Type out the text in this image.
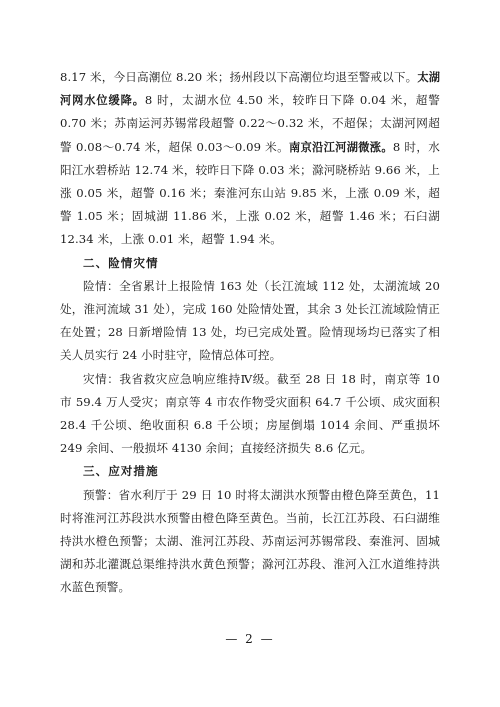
8.17 米，今日高潮位 8.20 米；扬州段以下高潮位均退至警戒以下。太湖河网水位缓降。8 时，太湖水位 4.50 米，较昨日下降 0.04 米，超警 0.70 米；苏南运河苏锡常段超警 0.22～0.32 米，不超保；太湖河网超警 0.08～0.74 米，超保 0.03～0.09 米。南京沿江河湖微涨。8 时，水阳江水碧桥站 12.74 米，较昨日下降 0.03 米；滁河晓桥站 9.66 米，上涨 0.05 米，超警 0.16 米；秦淮河东山站 9.85 米，上涨 0.09 米，超警 1.05 米；固城湖 11.86 米，上涨 0.02 米，超警 1.46 米；石臼湖 12.34 米，上涨 0.01 米，超警 1.94 米。

二、险情灾情

险情：全省累计上报险情 163 处（长江流域 112 处，太湖流域 20 处，淮河流域 31 处），完成 160 处险情处置，其余 3 处长江流域险情正在处置；28 日新增险情 13 处，均已完成处置。险情现场均已落实了相关人员实行 24 小时驻守，险情总体可控。

灾情：我省救灾应急响应维持Ⅳ级。截至 28 日 18 时，南京等 10 市 59.4 万人受灾；南京等 4 市农作物受灾面积 64.7 千公顷、成灾面积 28.4 千公顷、绝收面积 6.8 千公顷；房屋倒塌 1014 余间、严重损坏 249 余间、一般损坏 4130 余间；直接经济损失 8.6 亿元。

三、应对措施

预警：省水利厅于 29 日 10 时将太湖洪水预警由橙色降至黄色，11 时将淮河江苏段洪水预警由橙色降至黄色。当前，长江江苏段、石臼湖维持洪水橙色预警；太湖、淮河江苏段、苏南运河苏锡常段、秦淮河、固城湖和苏北灌溉总渠维持洪水黄色预警；滁河江苏段、淮河入江水道维持洪水蓝色预警。

— 2 —
